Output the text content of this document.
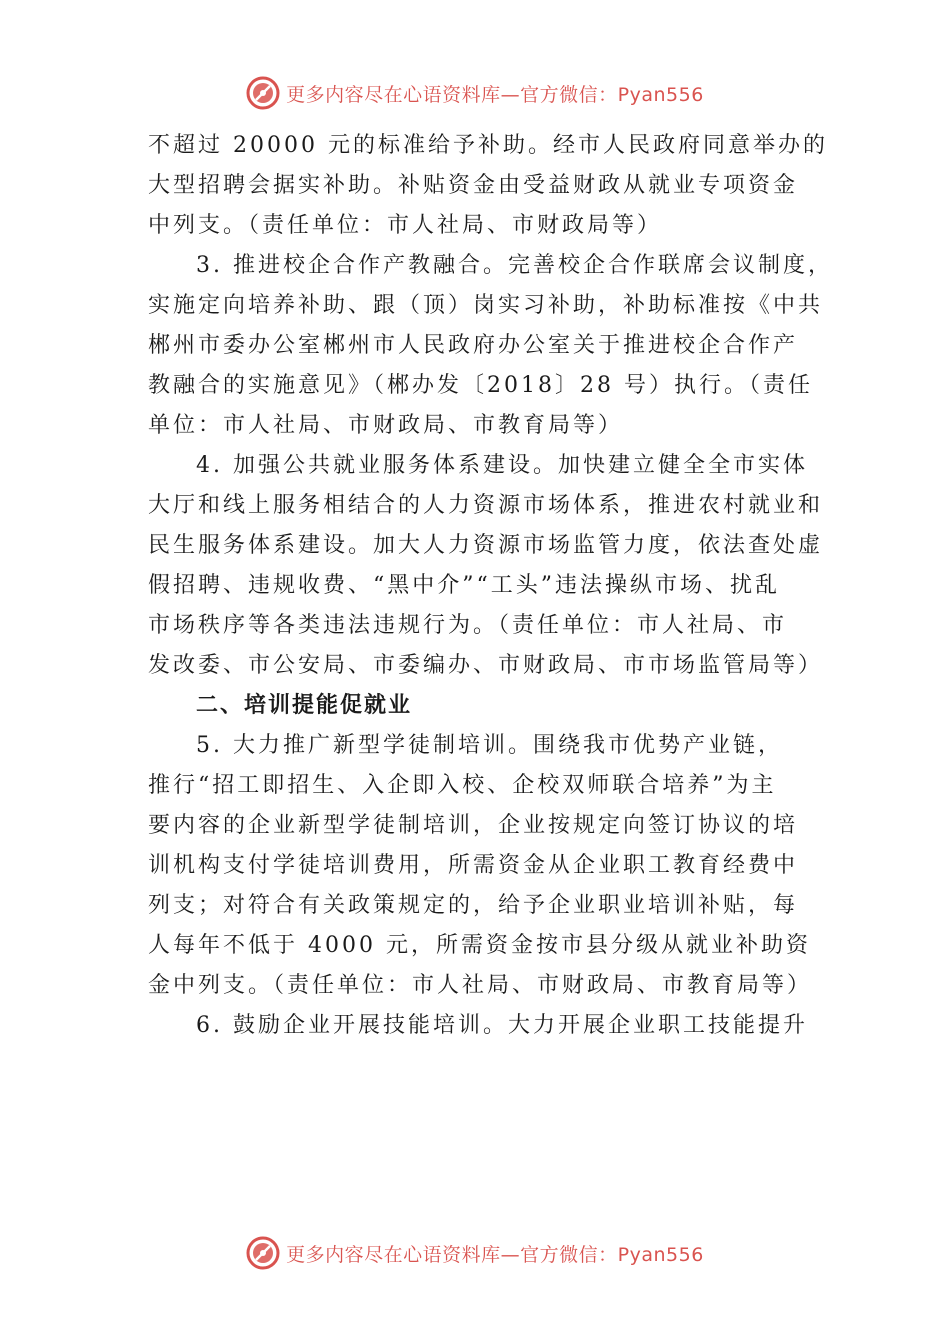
更多内容尽在心语资料库—官方微信：Pyan556
不超过 20000 元的标准给予补助。经市人民政府同意举办的
大型招聘会据实补助。补贴资金由受益财政从就业专项资金
中列支。（责任单位：市人社局、市财政局等）
3. 推进校企合作产教融合。完善校企合作联席会议制度，
实施定向培养补助、跟（顶）岗实习补助，补助标准按《中共
郴州市委办公室郴州市人民政府办公室关于推进校企合作产
教融合的实施意见》（郴办发〔2018〕28 号）执行。（责任
单位：市人社局、市财政局、市教育局等）
4. 加强公共就业服务体系建设。加快建立健全全市实体
大厅和线上服务相结合的人力资源市场体系，推进农村就业和
民生服务体系建设。加大人力资源市场监管力度，依法查处虚
假招聘、违规收费、“黑中介”“工头”违法操纵市场、扰乱
市场秩序等各类违法违规行为。（责任单位：市人社局、市
发改委、市公安局、市委编办、市财政局、市市场监管局等）
二、培训提能促就业
5. 大力推广新型学徒制培训。围绕我市优势产业链，
推行“招工即招生、入企即入校、企校双师联合培养”为主
要内容的企业新型学徒制培训，企业按规定向签订协议的培
训机构支付学徒培训费用，所需资金从企业职工教育经费中
列支；对符合有关政策规定的，给予企业职业培训补贴，每
人每年不低于 4000 元，所需资金按市县分级从就业补助资
金中列支。（责任单位：市人社局、市财政局、市教育局等）
6. 鼓励企业开展技能培训。大力开展企业职工技能提升
更多内容尽在心语资料库—官方微信：Pyan556
